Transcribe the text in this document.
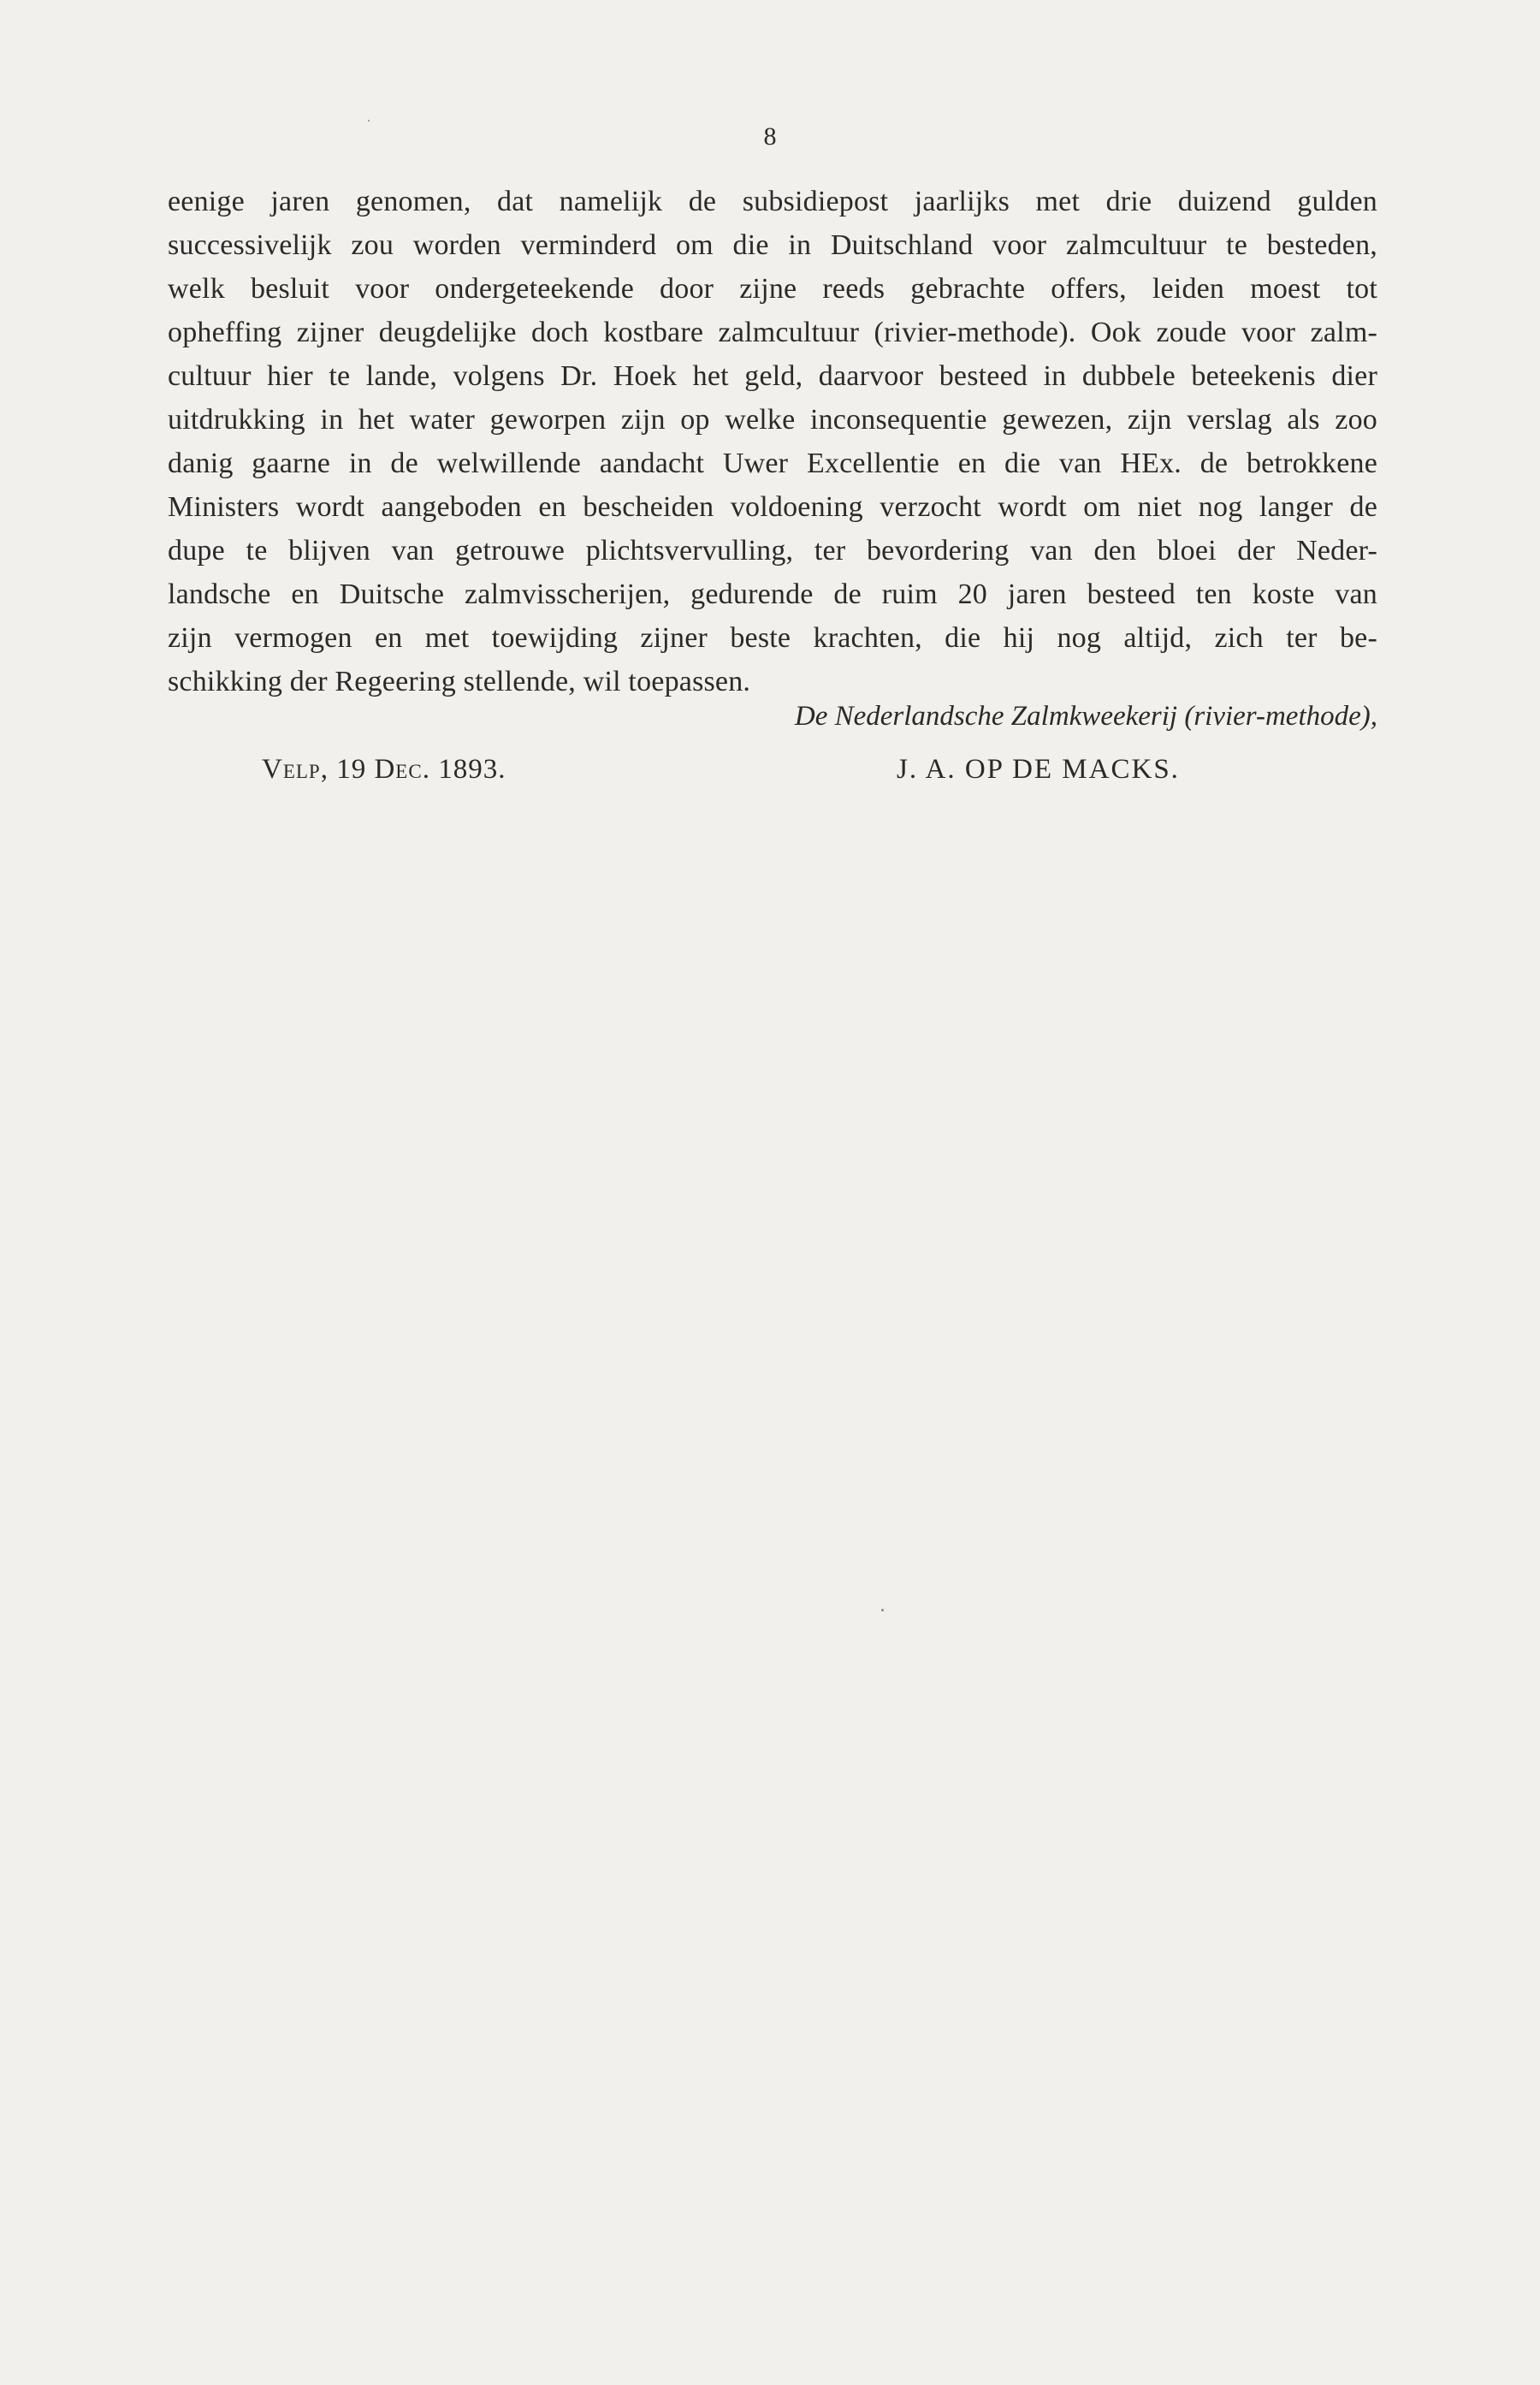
8
eenige jaren genomen, dat namelijk de subsidiepost jaarlijks met drie duizend gulden
successivelijk zou worden verminderd om die in Duitschland voor zalmcultuur te besteden,
welk besluit voor ondergeteekende door zijne reeds gebrachte offers, leiden moest tot
opheffing zijner deugdelijke doch kostbare zalmcultuur (rivier-methode). Ook zoude voor zalm-
cultuur hier te lande, volgens Dr. Hoek het geld, daarvoor besteed in dubbele beteekenis dier
uitdrukking in het water geworpen zijn op welke inconsequentie gewezen, zijn verslag als zoo
danig gaarne in de welwillende aandacht Uwer Excellentie en die van HEx. de betrokkene
Ministers wordt aangeboden en bescheiden voldoening verzocht wordt om niet nog langer de
dupe te blijven van getrouwe plichtsvervulling, ter bevordering van den bloei der Neder-
landsche en Duitsche zalmvisscherijen, gedurende de ruim 20 jaren besteed ten koste van
zijn vermogen en met toewijding zijner beste krachten, die hij nog altijd, zich ter be-
schikking der Regeering stellende, wil toepassen.
De Nederlandsche Zalmkweekerij (rivier-methode),
Velp, 19 Dec. 1893.	J. A. OP DE MACKS.
